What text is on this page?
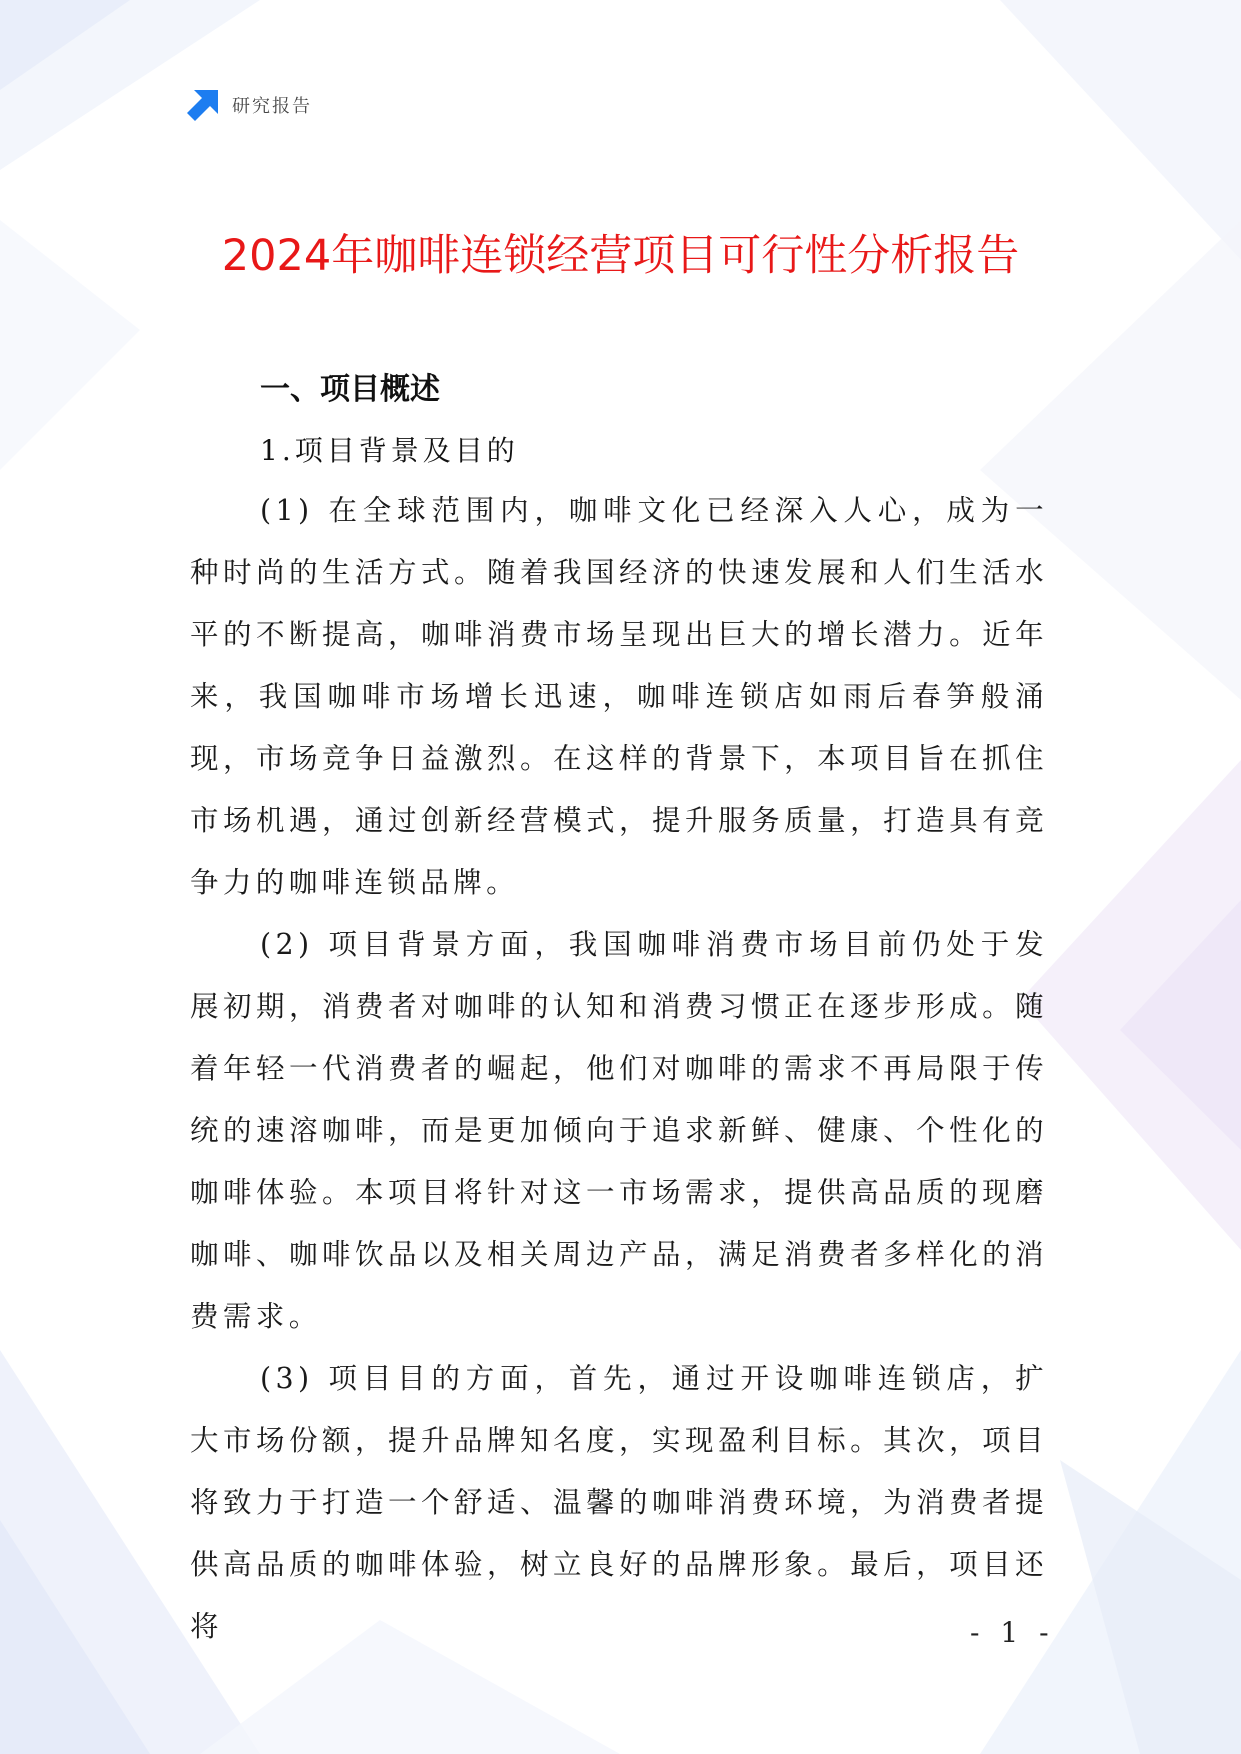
研究报告
2024年咖啡连锁经营项目可行性分析报告
一、项目概述
1.项目背景及目的

(1) 在全球范围内，咖啡文化已经深入人心，成为一种时尚的生活方式。随着我国经济的快速发展和人们生活水平的不断提高，咖啡消费市场呈现出巨大的增长潜力。近年来，我国咖啡市场增长迅速，咖啡连锁店如雨后春笋般涌现，市场竞争日益激烈。在这样的背景下，本项目旨在抓住市场机遇，通过创新经营模式，提升服务质量，打造具有竞争力的咖啡连锁品牌。

(2) 项目背景方面，我国咖啡消费市场目前仍处于发展初期，消费者对咖啡的认知和消费习惯正在逐步形成。随着年轻一代消费者的崛起，他们对咖啡的需求不再局限于传统的速溶咖啡，而是更加倾向于追求新鲜、健康、个性化的咖啡体验。本项目将针对这一市场需求，提供高品质的现磨咖啡、咖啡饮品以及相关周边产品，满足消费者多样化的消费需求。

(3) 项目目的方面，首先，通过开设咖啡连锁店，扩大市场份额，提升品牌知名度，实现盈利目标。其次，项目将致力于打造一个舒适、温馨的咖啡消费环境，为消费者提供高品质的咖啡体验，树立良好的品牌形象。最后，项目还将	- 1 -
